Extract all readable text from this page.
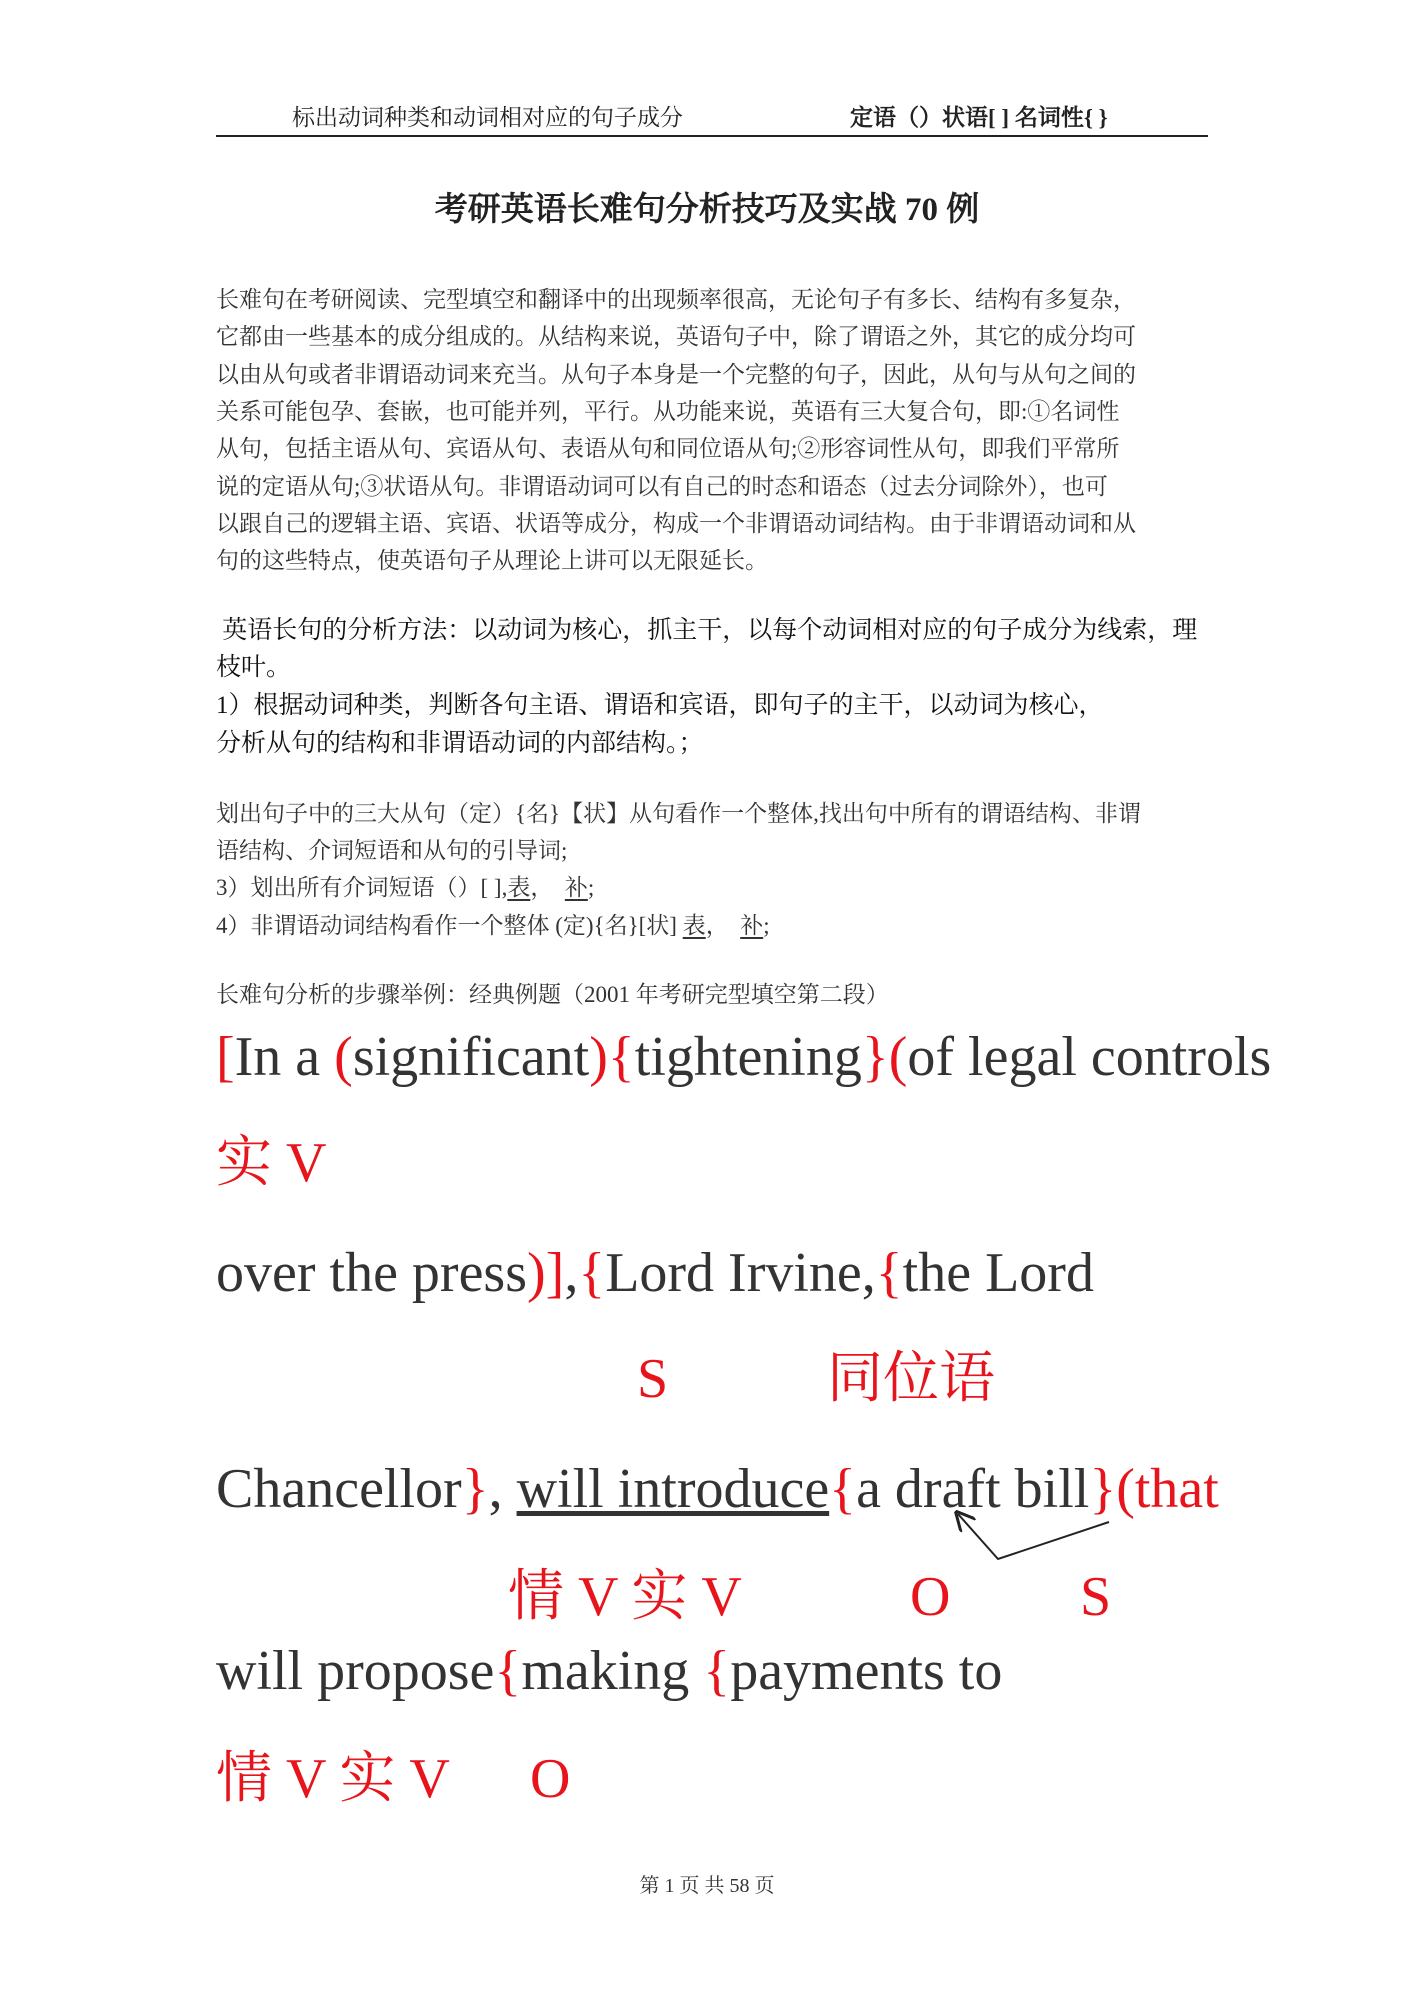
标出动词种类和动词相对应的句子成分	定语（）状语[ ] 名词性{ }
考研英语长难句分析技巧及实战 70 例
长难句在考研阅读、完型填空和翻译中的出现频率很高，无论句子有多长、结构有多复杂，
它都由一些基本的成分组成的。从结构来说，英语句子中，除了谓语之外，其它的成分均可
以由从句或者非谓语动词来充当。从句子本身是一个完整的句子，因此，从句与从句之间的
关系可能包孕、套嵌，也可能并列，平行。从功能来说，英语有三大复合句，即:①名词性
从句，包括主语从句、宾语从句、表语从句和同位语从句;②形容词性从句，即我们平常所
说的定语从句;③状语从句。非谓语动词可以有自己的时态和语态（过去分词除外），也可
以跟自己的逻辑主语、宾语、状语等成分，构成一个非谓语动词结构。由于非谓语动词和从
句的这些特点，使英语句子从理论上讲可以无限延长。
英语长句的分析方法：以动词为核心，抓主干，以每个动词相对应的句子成分为线索，理
枝叶。
1）根据动词种类，判断各句主语、谓语和宾语，即句子的主干，以动词为核心，
分析从句的结构和非谓语动词的内部结构。；
划出句子中的三大从句（定）{名}【状】从句看作一个整体,找出句中所有的谓语结构、非谓
语结构、介词短语和从句的引导词;
3）划出所有介词短语（）[ ],表，  补;
4）非谓语动词结构看作一个整体 (定){名}[状] 表，  补;
长难句分析的步骤举例：经典例题（2001 年考研完型填空第二段）
[In a (significant){tightening}(of legal controls
over the press)],{Lord Irvine,{the Lord
Chancellor}, will introduce{a draft bill}(that
will propose{making {payments to
实 V
S	同位语
情 V 实 V	O S
情 V 实 V O
第 1 页 共 58 页
